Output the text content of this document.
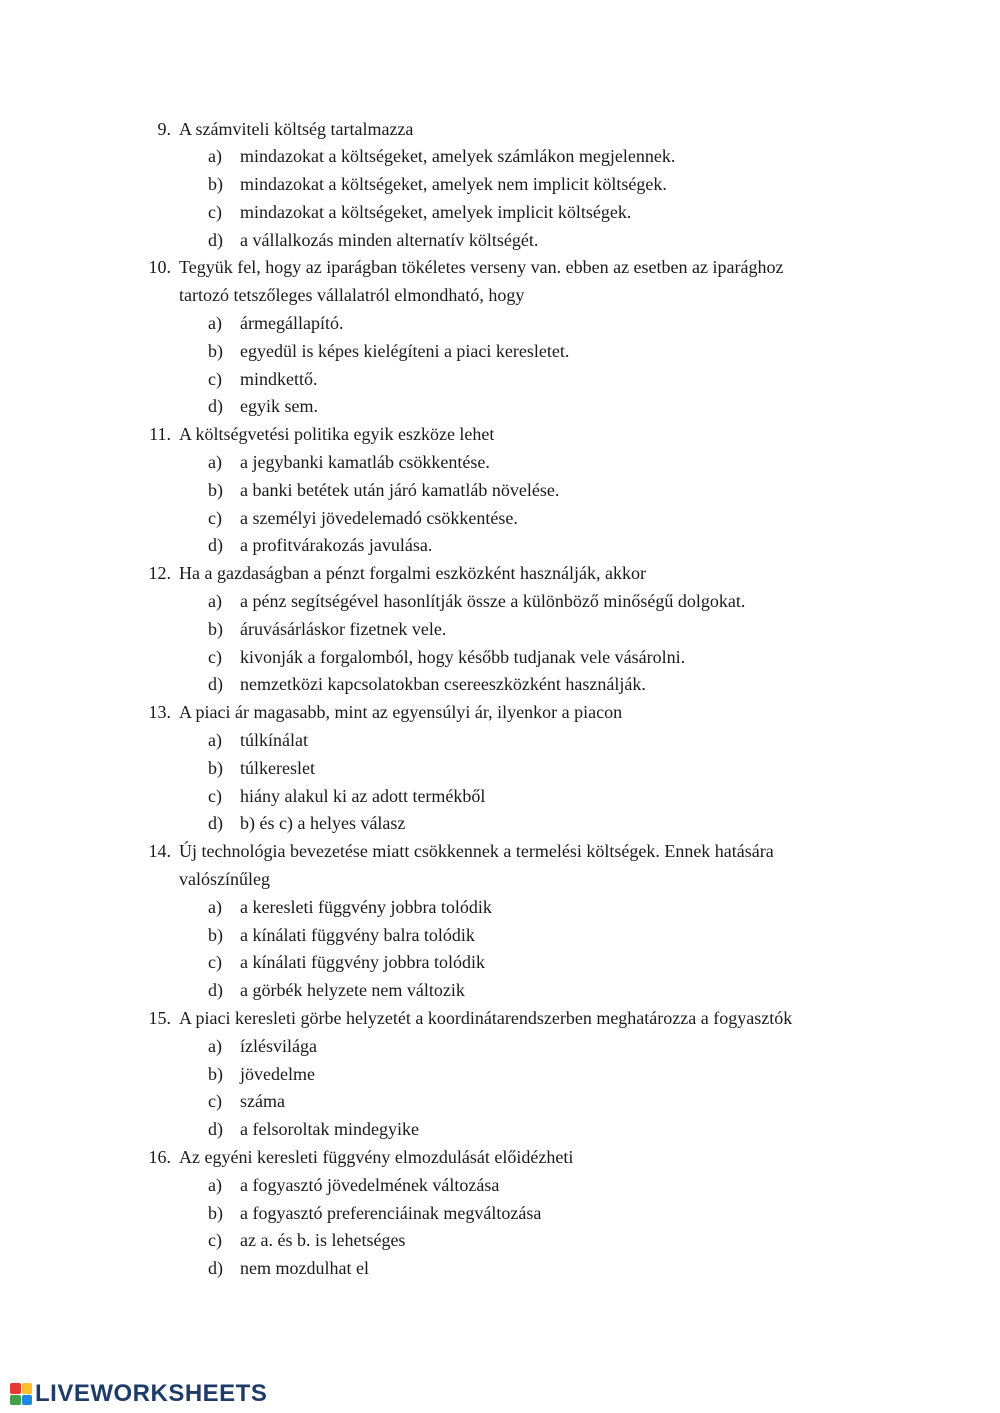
9. A számviteli költség tartalmazza
a)	mindazokat a költségeket, amelyek számlákon megjelennek.
b) mindazokat a költségeket, amelyek nem implicit költségek.
c)	mindazokat a költségeket, amelyek implicit költségek.
d) a vállalkozás minden alternatív költségét.
10. Tegyük fel, hogy az iparágban tökéletes verseny van. ebben az esetben az iparághoz
tartozó tetszőleges vállalatról elmondható, hogy
a)	ármegállapító.
b) egyedül is képes kielégíteni a piaci keresletet.
c)	mindkettő.
d) egyik sem.
11. A költségvetési politika egyik eszköze lehet
a)	a jegybanki kamatláb csökkentése.
b) a banki betétek után járó kamatláb növelése.
c)	a személyi jövedelemadó csökkentése.
d) a profitvárakozás javulása.
12. Ha a gazdaságban a pénzt forgalmi eszközként használják, akkor
a)	a pénz segítségével hasonlítják össze a különböző minőségű dolgokat.
b) áruvásárláskor fizetnek vele.
c)	kivonják a forgalomból, hogy később tudjanak vele vásárolni.
d) nemzetközi kapcsolatokban csereeszközként használják.
13. A piaci ár magasabb, mint az egyensúlyi ár, ilyenkor a piacon
a)	túlkínálat
b) túlkereslet
c)	hiány alakul ki az adott termékből
d) b) és c) a helyes válasz
14. Új technológia bevezetése miatt csökkennek a termelési költségek. Ennek hatására
valószínűleg
a)	a keresleti függvény jobbra tolódik
b) a kínálati függvény balra tolódik
c)	a kínálati függvény jobbra tolódik
d) a görbék helyzete nem változik
15. A piaci keresleti görbe helyzetét a koordinátarendszerben meghatározza a fogyasztók
a)	ízlésvilága
b) jövedelme
c)	száma
d) a felsoroltak mindegyike
16. Az egyéni keresleti függvény elmozdulását előidézheti
a)	a fogyasztó jövedelmének változása
b) a fogyasztó preferenciáinak megváltozása
c)	az a. és b. is lehetséges
d) nem mozdulhat el
LIVEWORKSHEETS
